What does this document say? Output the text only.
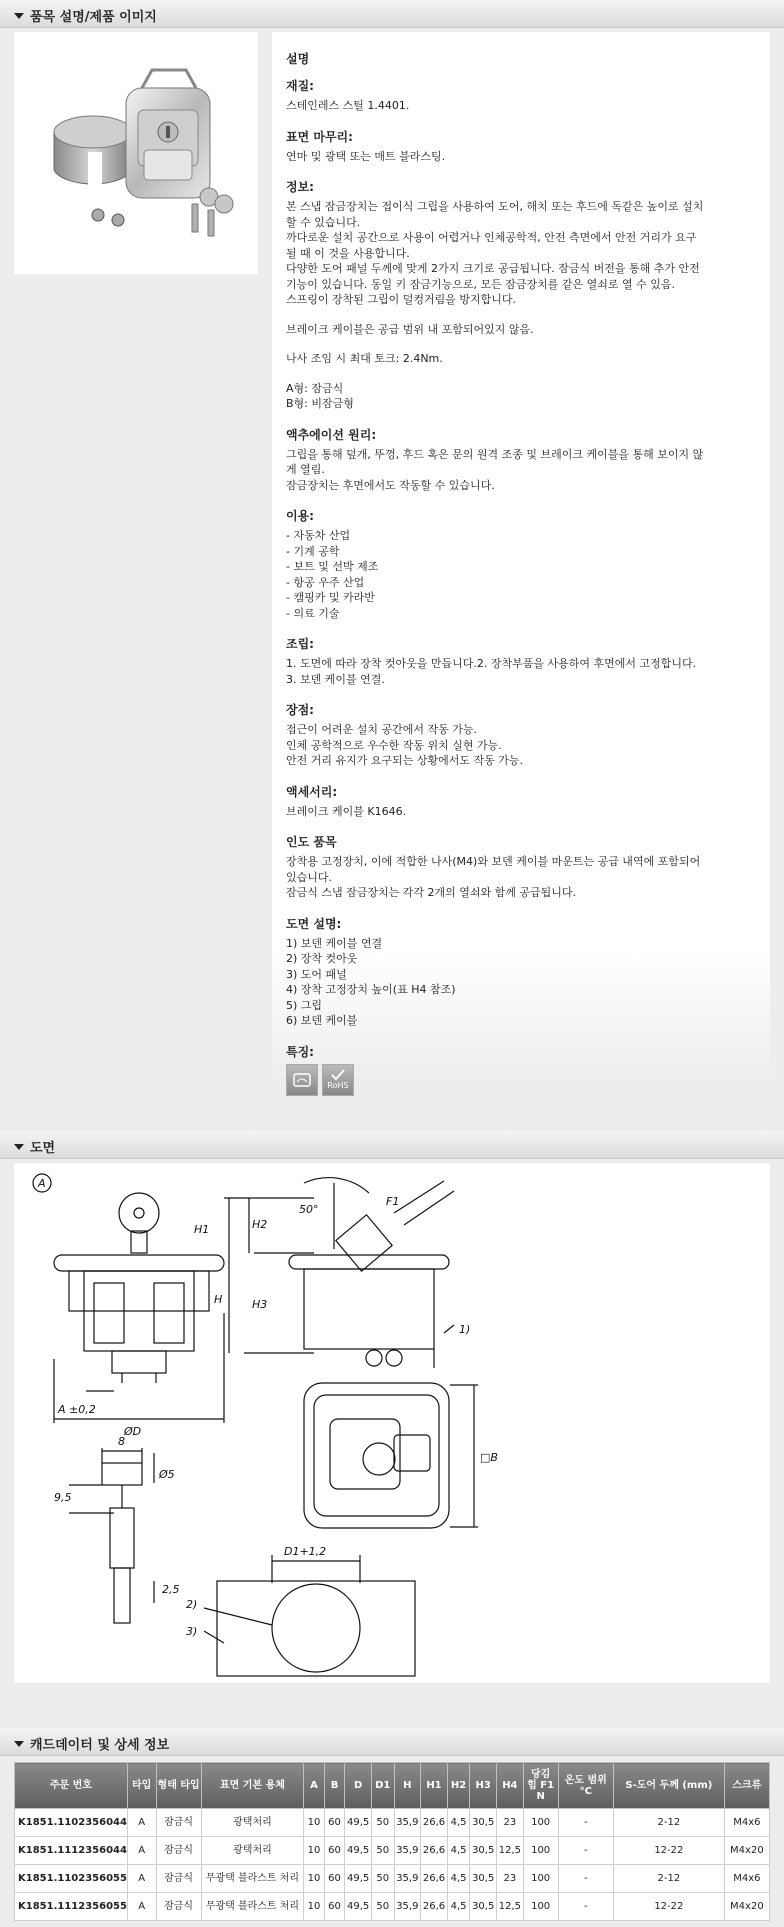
품목 설명/제품 이미지
설명
재질:

스테인레스 스틸 1.4401.

표면 마무리:

연마 및 광택 또는 매트 블라스팅.

정보:

본 스냅 잠금장치는 접이식 그립을 사용하여 도어, 해치 또는 후드에 독같은 높이로 설치

할 수 있습니다.

까다로운 설치 공간으로 사용이 어렵거나 인체공학적, 안전 측면에서 안전 거리가 요구

될 때 이 것을 사용합니다.

다양한 도어 패널 두께에 맞게 2가지 크기로 공급됩니다. 잠금식 버전을 통해 추가 안전

기능이 있습니다. 동일 키 잠금기능으로, 모든 잠금장치를 같은 열쇠로 열 수 있음.

스프링이 장착된 그립이 덜컹거림을 방지합니다.

브레이크 케이블은 공급 범위 내 포함되어있지 않음.

나사 조임 시 최대 토크: 2.4Nm.

A형: 잠금식

B형: 비잠금형

액추에이션 원리:

그립을 통해 덮개, 뚜껑, 후드 혹은 문의 원격 조종 및 브레이크 케이블을 통해 보이지 않

게 열림.

잠금장치는 후면에서도 작동할 수 있습니다.

이용:

- 자동차 산업

- 기계 공학

- 보트 및 선박 제조

- 항공 우주 산업

- 캠핑카 및 카라반

- 의료 기술

조립:

1. 도면에 따라 장착 컷아웃을 만듭니다.2. 장착부품을 사용하여 후면에서 고정합니다.

3. 보덴 케이블 연결.

장점:

접근이 어려운 설치 공간에서 작동 가능.

인체 공학적으로 우수한 작동 위치 실현 가능.

안전 거리 유지가 요구되는 상황에서도 작동 가능.

액세서리:

브레이크 케이블 K1646.

인도 품목

장착용 고정장치, 이에 적합한 나사(M4)와 보덴 케이블 마운트는 공급 내역에 포함되어

있습니다.

잠금식 스냅 잠금장치는 각각 2개의 열쇠와 함께 공급됩니다.

도면 설명:

1) 보덴 케이블 연결

2) 장착 컷아웃

3) 도어 패널

4) 장착 고정장치 높이(표 H4 참조)

5) 그립

6) 보덴 케이블

특징:
RoHS
도면
A
H1	H2
H	H3
50°
F1
A ±0,2
ØD
8
Ø5
9,5
2,5
□B
D1+1,2
1)
2)
3)
캐드데이터 및 상세 정보
주문 번호	타입	형태 타입	표면 기본 용체	A	B	D	D1	H	H1	H2	H3	H4	당김 힘 F1 N	온도 범위 °C	S-도어 두께 (mm)	스크류
K1851.1102356044	A	잠금식	광택처리	10	60	49,5	50	35,9	26,6	4,5	30,5	23	100	-	2-12	M4x6
K1851.1112356044	A	잠금식	광택처리	10	60	49,5	50	35,9	26,6	4,5	30,5	12,5	100	-	12-22	M4x20
K1851.1102356055	A	잠금식	무광택 블라스트 처리	10	60	49,5	50	35,9	26,6	4,5	30,5	23	100	-	2-12	M4x6
K1851.1112356055	A	잠금식	무광택 블라스트 처리	10	60	49,5	50	35,9	26,6	4,5	30,5	12,5	100	-	12-22	M4x20
